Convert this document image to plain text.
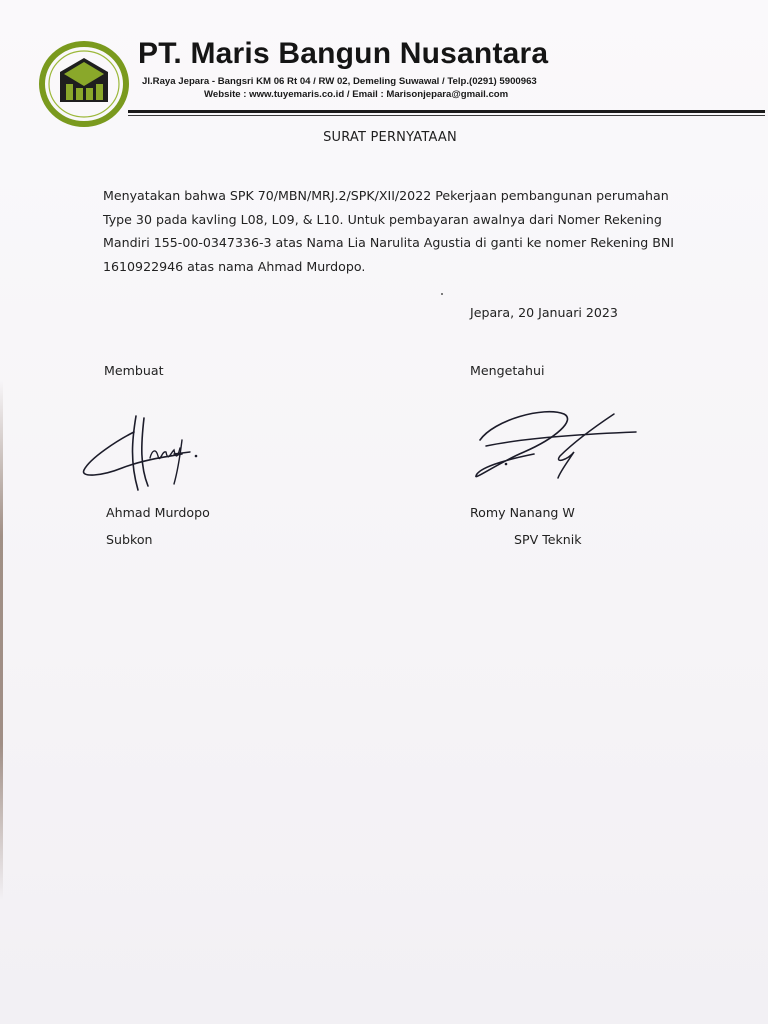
PT. Maris Bangun Nusantara
Jl.Raya Jepara - Bangsri KM 06 Rt 04 / RW 02, Demeling Suwawal / Telp.(0291) 5900963
Website : www.tuyemaris.co.id / Email : Marisonjepara@gmail.com
SURAT PERNYATAAN
Menyatakan bahwa SPK 70/MBN/MRJ.2/SPK/XII/2022 Pekerjaan pembangunan perumahan
Type 30 pada kavling L08, L09, & L10. Untuk pembayaran awalnya dari Nomer Rekening
Mandiri 155-00-0347336-3 atas Nama Lia Narulita Agustia di ganti ke nomer Rekening BNI
1610922946 atas nama Ahmad Murdopo.
Jepara, 20 Januari 2023
Membuat
Ahmad Murdopo
Subkon
Mengetahui
Romy Nanang W
SPV Teknik
